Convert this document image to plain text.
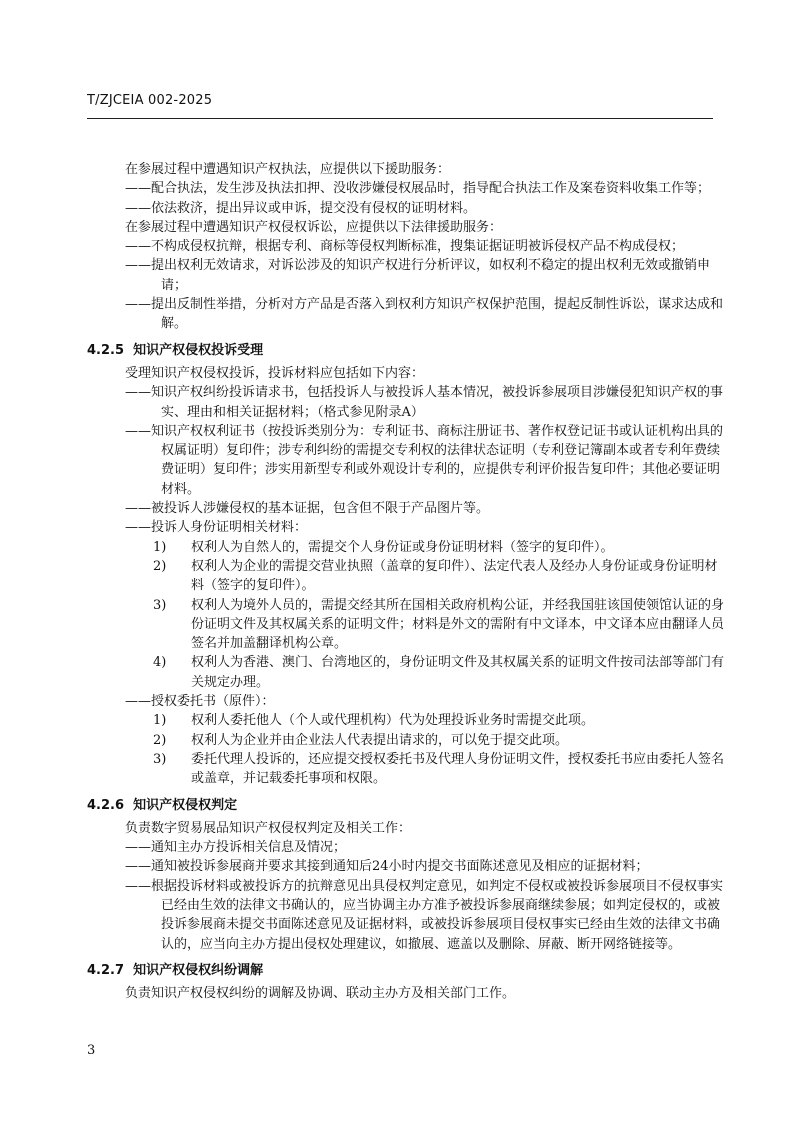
T/ZJCEIA 002-2025
在参展过程中遭遇知识产权执法，应提供以下援助服务：
——配合执法，发生涉及执法扣押、没收涉嫌侵权展品时，指导配合执法工作及案卷资料收集工作等；
——依法救济，提出异议或申诉，提交没有侵权的证明材料。
在参展过程中遭遇知识产权侵权诉讼，应提供以下法律援助服务：
——不构成侵权抗辩，根据专利、商标等侵权判断标准，搜集证据证明被诉侵权产品不构成侵权；
——提出权利无效请求，对诉讼涉及的知识产权进行分析评议，如权利不稳定的提出权利无效或撤销申请；
——提出反制性举措，分析对方产品是否落入到权利方知识产权保护范围，提起反制性诉讼，谋求达成和解。
4.2.5  知识产权侵权投诉受理
受理知识产权侵权投诉，投诉材料应包括如下内容：
——知识产权纠纷投诉请求书，包括投诉人与被投诉人基本情况，被投诉参展项目涉嫌侵犯知识产权的事实、理由和相关证据材料；（格式参见附录A）
——知识产权权利证书（按投诉类别分为：专利证书、商标注册证书、著作权登记证书或认证机构出具的权属证明）复印件；涉专利纠纷的需提交专利权的法律状态证明（专利登记簿副本或者专利年费续费证明）复印件；涉实用新型专利或外观设计专利的，应提供专利评价报告复印件；其他必要证明材料。
——被投诉人涉嫌侵权的基本证据，包含但不限于产品图片等。
——投诉人身份证明相关材料：
1) 权利人为自然人的，需提交个人身份证或身份证明材料（签字的复印件）。
2) 权利人为企业的需提交营业执照（盖章的复印件）、法定代表人及经办人身份证或身份证明材料（签字的复印件）。
3) 权利人为境外人员的，需提交经其所在国相关政府机构公证，并经我国驻该国使领馆认证的身份证明文件及其权属关系的证明文件；材料是外文的需附有中文译本，中文译本应由翻译人员签名并加盖翻译机构公章。
4) 权利人为香港、澳门、台湾地区的，身份证明文件及其权属关系的证明文件按司法部等部门有关规定办理。
——授权委托书（原件）：
1) 权利人委托他人（个人或代理机构）代为处理投诉业务时需提交此项。
2) 权利人为企业并由企业法人代表提出请求的，可以免于提交此项。
3) 委托代理人投诉的，还应提交授权委托书及代理人身份证明文件，授权委托书应由委托人签名或盖章，并记载委托事项和权限。
4.2.6  知识产权侵权判定
负责数字贸易展品知识产权侵权判定及相关工作：
——通知主办方投诉相关信息及情况；
——通知被投诉参展商并要求其接到通知后24小时内提交书面陈述意见及相应的证据材料；
——根据投诉材料或被投诉方的抗辩意见出具侵权判定意见，如判定不侵权或被投诉参展项目不侵权事实已经由生效的法律文书确认的，应当协调主办方准予被投诉参展商继续参展；如判定侵权的，或被投诉参展商未提交书面陈述意见及证据材料，或被投诉参展项目侵权事实已经由生效的法律文书确认的，应当向主办方提出侵权处理建议，如撤展、遮盖以及删除、屏蔽、断开网络链接等。
4.2.7  知识产权侵权纠纷调解
负责知识产权侵权纠纷的调解及协调、联动主办方及相关部门工作。
3
